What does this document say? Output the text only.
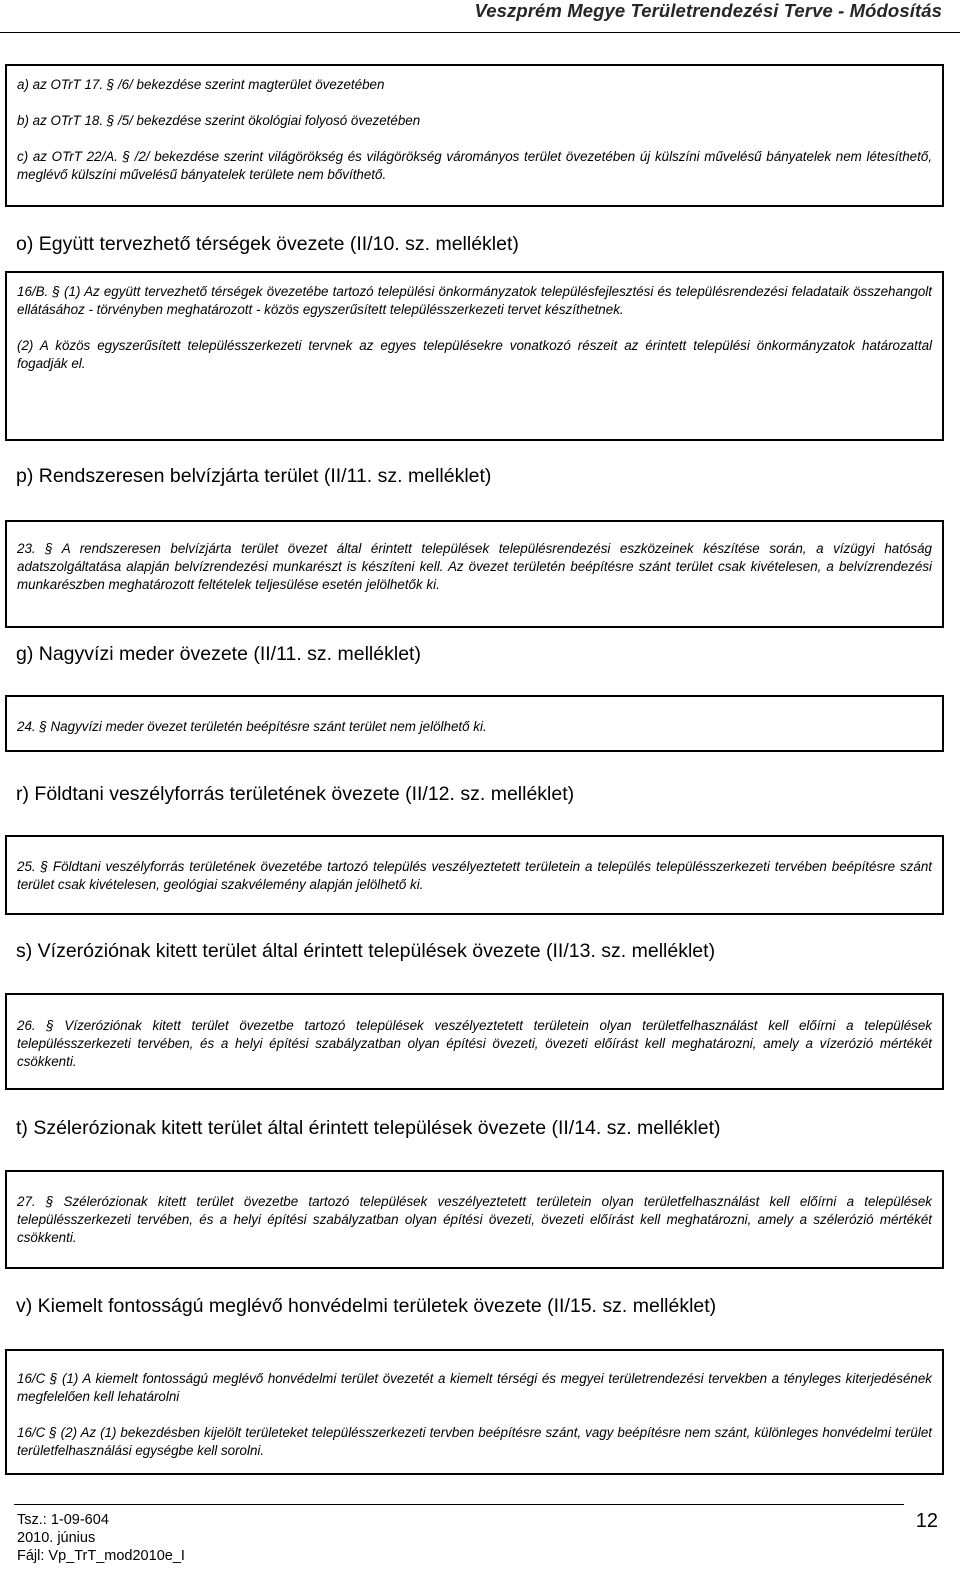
Veszprém Megye Területrendezési Terve - Módosítás

a) az OTrT 17. § /6/ bekezdése szerint magterület övezetében

b) az OTrT 18. § /5/ bekezdése szerint ökológiai folyosó övezetében

c) az OTrT 22/A. § /2/ bekezdése szerint világörökség és világörökség várományos terület övezetében új külszíni művelésű bányatelek nem létesíthető, meglévő külszíni művelésű bányatelek területe nem bővíthető.

o) Együtt tervezhető térségek övezete (II/10. sz. melléklet)

16/B. § (1) Az együtt tervezhető térségek övezetébe tartozó települési önkormányzatok településfejlesztési és településrendezési feladataik összehangolt ellátásához - törvényben meghatározott - közös egyszerűsített településszerkezeti tervet készíthetnek.

(2) A közös egyszerűsített településszerkezeti tervnek az egyes településekre vonatkozó részeit az érintett települési önkormányzatok határozattal fogadják el.

p) Rendszeresen belvízjárta terület (II/11. sz. melléklet)

23. § A rendszeresen belvízjárta terület övezet által érintett települések településrendezési eszközeinek készítése során, a vízügyi hatóság adatszolgáltatása alapján belvízrendezési munkarészt is készíteni kell. Az övezet területén beépítésre szánt terület csak kivételesen, a belvízrendezési munkarészben meghatározott feltételek teljesülése esetén jelölhetők ki.

g) Nagyvízi meder övezete (II/11. sz. melléklet)

24. § Nagyvízi meder övezet területén beépítésre szánt terület nem jelölhető ki.

r) Földtani veszélyforrás területének övezete (II/12. sz. melléklet)

25. § Földtani veszélyforrás területének övezetébe tartozó település veszélyeztetett területein a település településszerkezeti tervében beépítésre szánt terület csak kivételesen, geológiai szakvélemény alapján jelölhető ki.

s) Vízeróziónak kitett terület által érintett települések övezete (II/13. sz. melléklet)

26. § Vízeróziónak kitett terület övezetbe tartozó települések veszélyeztetett területein olyan területfelhasználást kell előírni a települések településszerkezeti tervében, és a helyi építési szabályzatban olyan építési övezeti, övezeti előírást kell meghatározni, amely a vízerózió mértékét csökkenti.

t) Szélerózionak kitett terület által érintett települések övezete (II/14. sz. melléklet)

27. § Szélerózionak kitett terület övezetbe tartozó települések veszélyeztetett területein olyan területfelhasználást kell előírni a települések településszerkezeti tervében, és a helyi építési szabályzatban olyan építési övezeti, övezeti előírást kell meghatározni, amely a szélerózió mértékét csökkenti.

v) Kiemelt fontosságú meglévő honvédelmi területek övezete (II/15. sz. melléklet)

16/C § (1) A kiemelt fontosságú meglévő honvédelmi terület övezetét a kiemelt térségi és megyei területrendezési tervekben a tényleges kiterjedésének megfelelően kell lehatárolni

16/C § (2) Az (1) bekezdésben kijelölt területeket településszerkezeti tervben beépítésre szánt, vagy beépítésre nem szánt, különleges honvédelmi terület területfelhasználási egységbe kell sorolni.

Tsz.: 1-09-604
2010. június
Fájl: Vp_TrT_mod2010e_I
12
